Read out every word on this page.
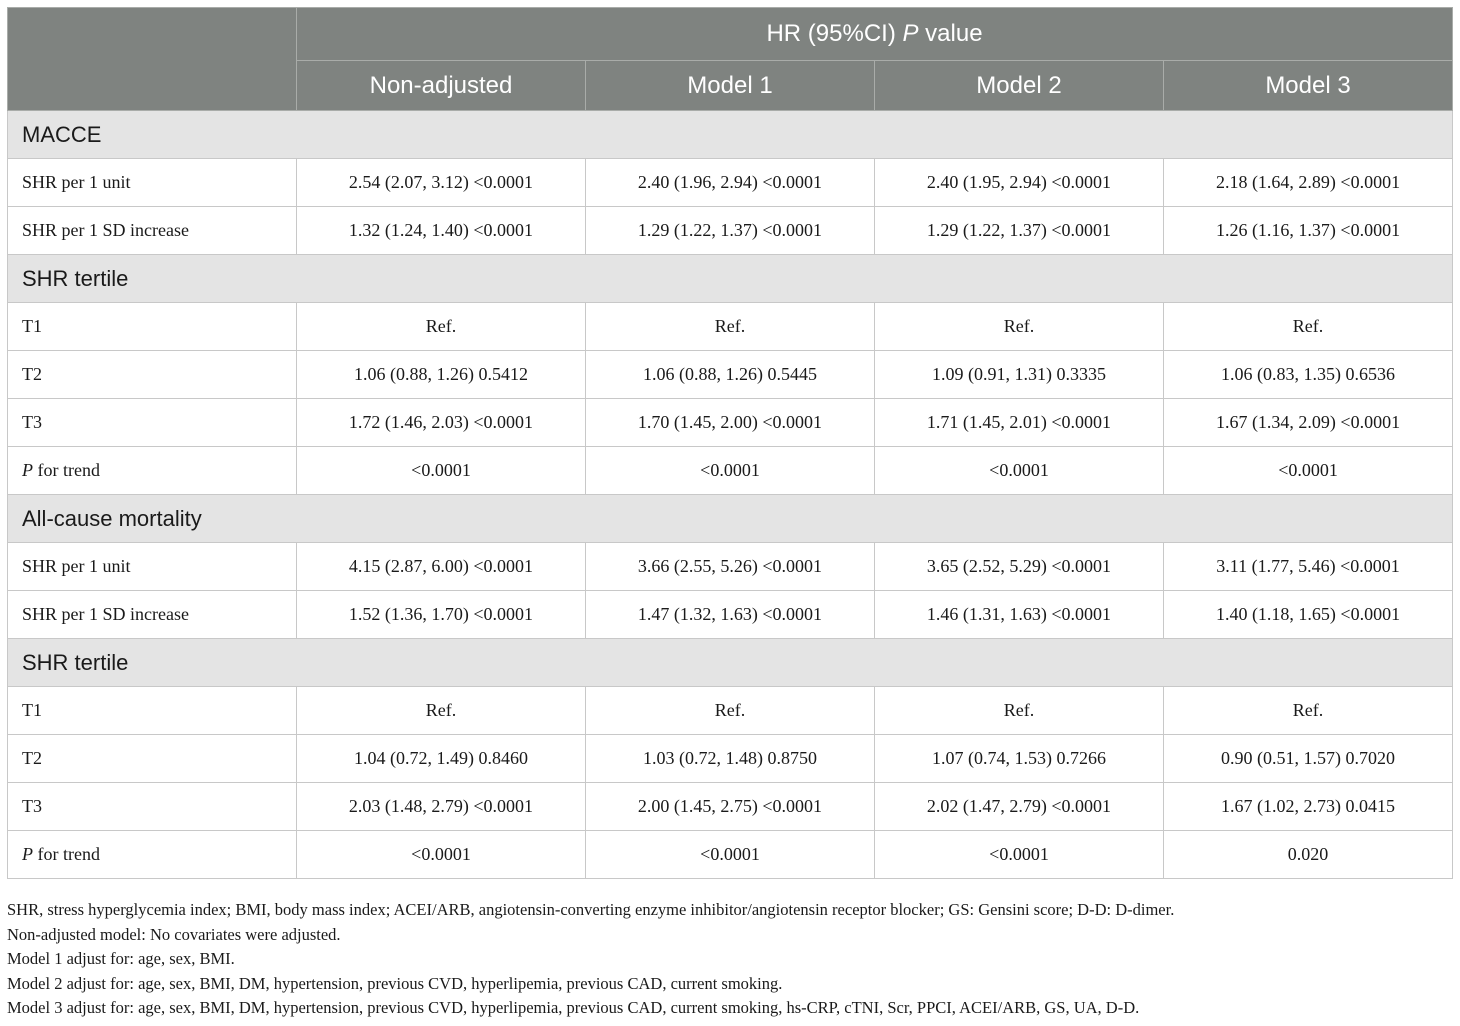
	HR (95%CI) P value			
	Non-adjusted	Model 1	Model 2	Model 3
MACCE				
SHR per 1 unit	2.54 (2.07, 3.12) <0.0001	2.40 (1.96, 2.94) <0.0001	2.40 (1.95, 2.94) <0.0001	2.18 (1.64, 2.89) <0.0001
SHR per 1 SD increase	1.32 (1.24, 1.40) <0.0001	1.29 (1.22, 1.37) <0.0001	1.29 (1.22, 1.37) <0.0001	1.26 (1.16, 1.37) <0.0001
SHR tertile				
T1	Ref.	Ref.	Ref.	Ref.
T2	1.06 (0.88, 1.26) 0.5412	1.06 (0.88, 1.26) 0.5445	1.09 (0.91, 1.31) 0.3335	1.06 (0.83, 1.35) 0.6536
T3	1.72 (1.46, 2.03) <0.0001	1.70 (1.45, 2.00) <0.0001	1.71 (1.45, 2.01) <0.0001	1.67 (1.34, 2.09) <0.0001
P for trend	<0.0001	<0.0001	<0.0001	<0.0001
All-cause mortality				
SHR per 1 unit	4.15 (2.87, 6.00) <0.0001	3.66 (2.55, 5.26) <0.0001	3.65 (2.52, 5.29) <0.0001	3.11 (1.77, 5.46) <0.0001
SHR per 1 SD increase	1.52 (1.36, 1.70) <0.0001	1.47 (1.32, 1.63) <0.0001	1.46 (1.31, 1.63) <0.0001	1.40 (1.18, 1.65) <0.0001
SHR tertile				
T1	Ref.	Ref.	Ref.	Ref.
T2	1.04 (0.72, 1.49) 0.8460	1.03 (0.72, 1.48) 0.8750	1.07 (0.74, 1.53) 0.7266	0.90 (0.51, 1.57) 0.7020
T3	2.03 (1.48, 2.79) <0.0001	2.00 (1.45, 2.75) <0.0001	2.02 (1.47, 2.79) <0.0001	1.67 (1.02, 2.73) 0.0415
P for trend	<0.0001	<0.0001	<0.0001	0.020
SHR, stress hyperglycemia index; BMI, body mass index; ACEI/ARB, angiotensin-converting enzyme inhibitor/angiotensin receptor blocker; GS: Gensini score; D-D: D-dimer.
Non-adjusted model: No covariates were adjusted.
Model 1 adjust for: age, sex, BMI.
Model 2 adjust for: age, sex, BMI, DM, hypertension, previous CVD, hyperlipemia, previous CAD, current smoking.
Model 3 adjust for: age, sex, BMI, DM, hypertension, previous CVD, hyperlipemia, previous CAD, current smoking, hs-CRP, cTNI, Scr, PPCI, ACEI/ARB, GS, UA, D-D.
